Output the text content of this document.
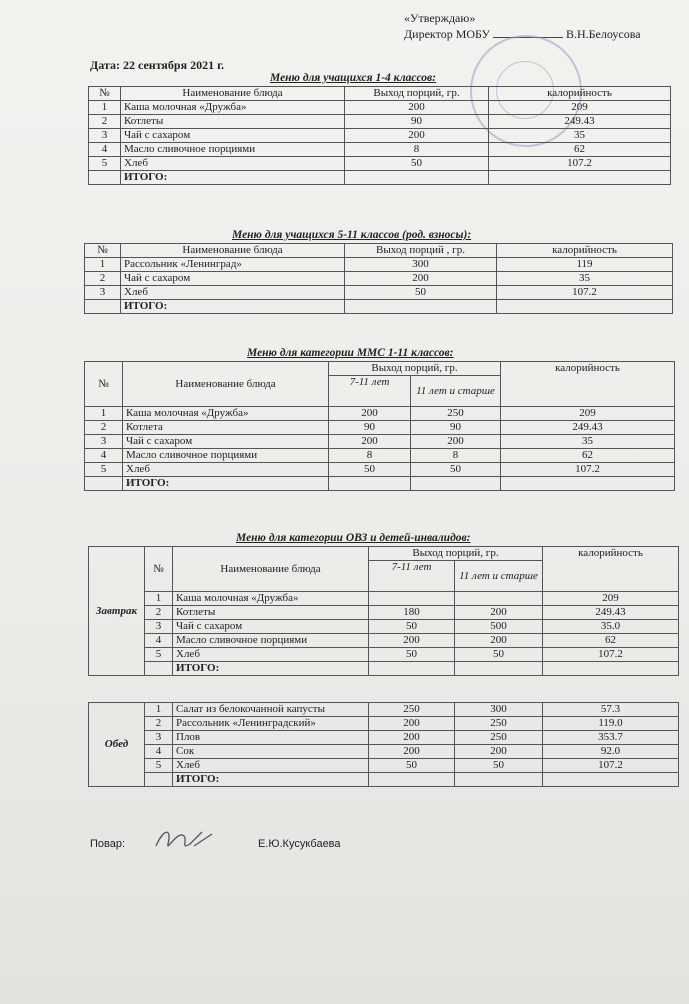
«Утверждаю»
Директор МОБУ	В.Н.Белоусова
Дата: 22 сентября 2021 г.
Меню для учащихся 1-4 классов:
№	Наименование блюда	Выход порций, гр.	калорийность
1	Каша молочная «Дружба»	200	209
2	Котлеты	90	249.43
3	Чай с сахаром	200	35
4	Масло сливочное порциями	8	62
5	Хлеб	50	107.2
	ИТОГО:		
Меню для учащихся 5-11 классов (род. взносы):
№	Наименование блюда	Выход порций , гр.	калорийность
1	Рассольник «Ленинград»	300	119
2	Чай с сахаром	200	35
3	Хлеб	50	107.2
	ИТОГО:		
Меню для категории ММС 1-11 классов:
№	Наименование блюда	Выход порций, гр.		калорийность
		7-11 лет	11 лет и старше	
1	Каша молочная «Дружба»	200	250	209
2	Котлета	90	90	249.43
3	Чай с сахаром	200	200	35
4	Масло сливочное порциями	8	8	62
5	Хлеб	50	50	107.2
	ИТОГО:			
Меню для категории ОВЗ и детей-инвалидов:
Завтрак	№	Наименование блюда	Выход порций, гр.		калорийность
			7-11 лет	11 лет и старше	
	1	Каша молочная «Дружба»			209
	2	Котлеты	180	200	249.43
	3	Чай с сахаром	50	500	35.0
	4	Масло сливочное порциями	200	200	62
	5	Хлеб	50	50	107.2
		ИТОГО:			
Обед	1	Салат из белокочанной капусты	250	300	57.3
	2	Рассольник «Ленинградский»	200	250	119.0
	3	Плов	200	250	353.7
	4	Сок	200	200	92.0
	5	Хлеб	50	50	107.2
		ИТОГО:			
Повар:	Е.Ю.Кусукбаева
